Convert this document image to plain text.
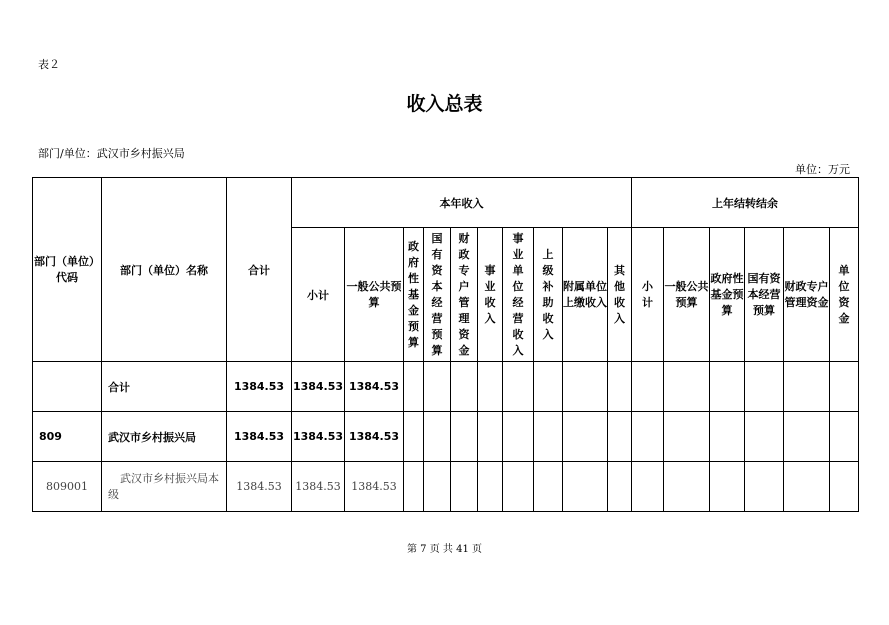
表２
收入总表
部门/单位：武汉市乡村振兴局
单位：万元
部门（单位）代码	部门（单位）名称	合计	本年收入										上年结转结余					
			小计	一般公共预算	政府性基金预算	国有资本经营预算	财政专户管理资金	事业收入	事业单位经营收入	上级补助收入	附属单位上缴收入	其他收入	小计	一般公共预算	政府性基金预算	国有资本经营预算	财政专户管理资金	单位资金
	合计	1384.53	1384.53	1384.53														
809	武汉市乡村振兴局	1384.53	1384.53	1384.53														
809001	武汉市乡村振兴局本级	1384.53	1384.53	1384.53														
第 7 页 共 41 页
